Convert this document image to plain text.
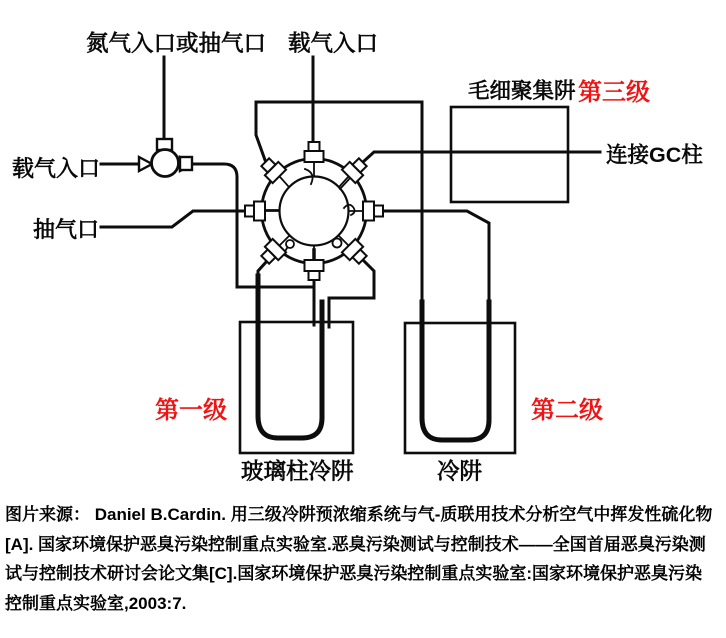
氮气入口或抽气口 载气入口
毛细聚集阱 第三级
连接GC柱
载气入口
抽气口
第一级	第二级
玻璃柱冷阱	冷阱
图片来源： Daniel B.Cardin. 用三级冷阱预浓缩系统与气-质联用技术分析空气中挥发性硫化物
[A]. 国家环境保护恶臭污染控制重点实验室.恶臭污染测试与控制技术——全国首届恶臭污染测
试与控制技术研讨会论文集[C].国家环境保护恶臭污染控制重点实验室:国家环境保护恶臭污染
控制重点实验室,2003:7.
